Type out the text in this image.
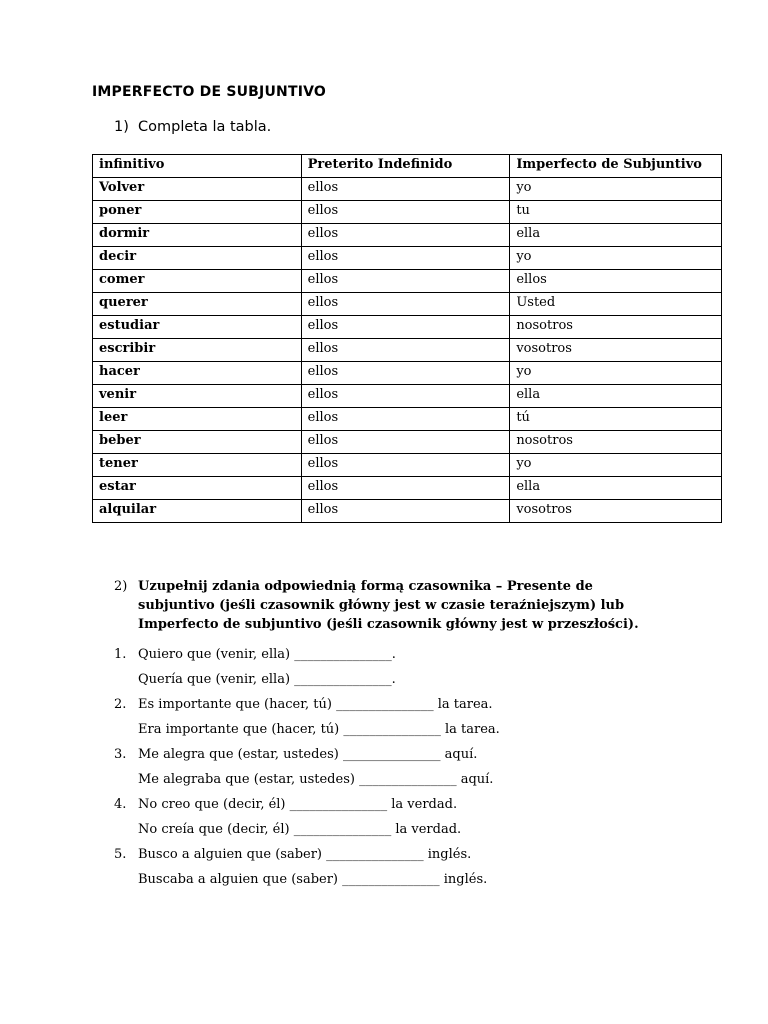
IMPERFECTO DE SUBJUNTIVO
1) Completa la tabla.
infinitivo	Preterito Indefinido	Imperfecto de Subjuntivo
Volver	ellos	yo
poner	ellos	tu
dormir	ellos	ella
decir	ellos	yo
comer	ellos	ellos
querer	ellos	Usted
estudiar	ellos	nosotros
escribir	ellos	vosotros
hacer	ellos	yo
venir	ellos	ella
leer	ellos	tú
beber	ellos	nosotros
tener	ellos	yo
estar	ellos	ella
alquilar	ellos	vosotros
2) Uzupełnij zdania odpowiednią formą czasownika – Presente de subjuntivo (jeśli czasownik główny jest w czasie teraźniejszym) lub Imperfecto de subjuntivo (jeśli czasownik główny jest w przeszłości).
1. Quiero que (venir, ella) _______________.
Quería que (venir, ella) _______________.
2. Es importante que (hacer, tú) _______________ la tarea.
Era importante que (hacer, tú) _______________ la tarea.
3. Me alegra que (estar, ustedes) _______________ aquí.
Me alegraba que (estar, ustedes) _______________ aquí.
4. No creo que (decir, él) _______________ la verdad.
No creía que (decir, él) _______________ la verdad.
5. Busco a alguien que (saber) _______________ inglés.
Buscaba a alguien que (saber) _______________ inglés.
